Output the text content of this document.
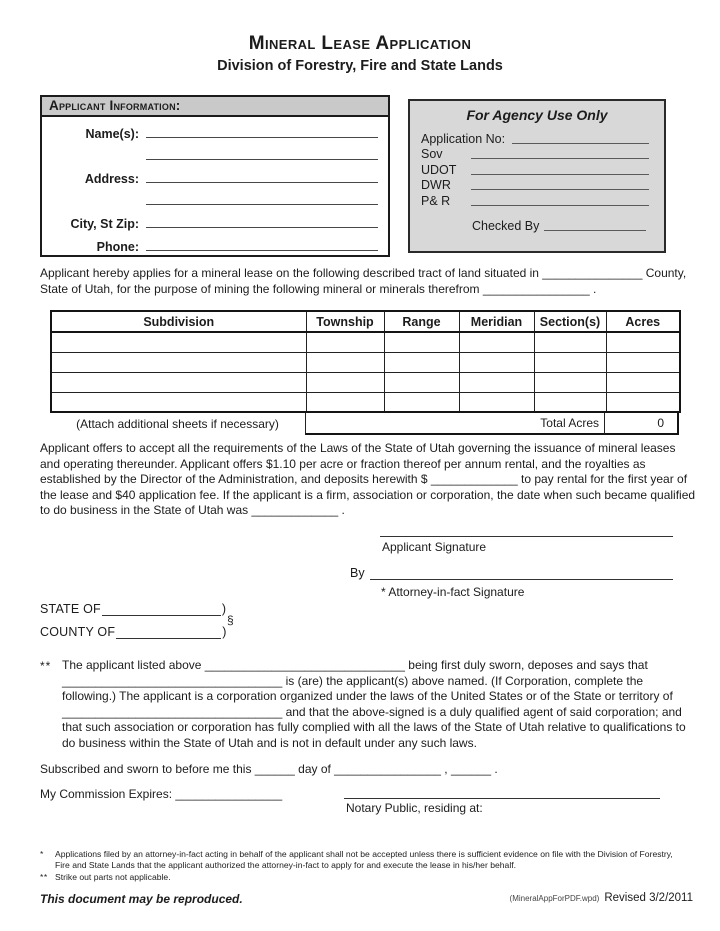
Mineral Lease Application
Division of Forestry, Fire and State Lands
Applicant Information:
Name(s):
Address:
City, St Zip:
Phone:
For Agency Use Only
Application No:
Sov
UDOT
DWR
P& R
Checked By
Applicant hereby applies for a mineral lease on the following described tract of land situated in _______________ County, State of Utah, for the purpose of mining the following mineral or minerals therefrom ________________ .
Subdivision	Township	Range	Meridian	Section(s)	Acres

(Attach additional sheets if necessary)	Total Acres	0
Applicant offers to accept all the requirements of the Laws of the State of Utah governing the issuance of mineral leases and operating thereunder. Applicant offers $1.10 per acre or fraction thereof per annum rental, and the royalties as established by the Director of the Administration, and deposits herewith $ _____________ to pay rental for the first year of the lease and $40 application fee. If the applicant is a firm, association or corporation, the date when such became qualified to do business in the State of Utah was _____________ .
Applicant Signature
By
* Attorney-in-fact Signature
STATE OF	)
§
COUNTY OF	)
** The applicant listed above ______________________________ being first duly sworn, deposes and says that _________________________________ is (are) the applicant(s) above named. (If Corporation, complete the following.) The applicant is a corporation organized under the laws of the United States or of the State or territory of _________________________________ and that the above-signed is a duly qualified agent of said corporation; and that such association or corporation has fully complied with all the laws of the State of Utah relative to qualifications to do business within the State of Utah and is not in default under any such laws.
Subscribed and sworn to before me this ______ day of ________________ , ______ .
My Commission Expires: ________________
Notary Public, residing at:
*	Applications filed by an attorney-in-fact acting in behalf of the applicant shall not be accepted unless there is sufficient evidence on file with the Division of Forestry, Fire and State Lands that the applicant authorized the attorney-in-fact to apply for and execute the lease in his/her behalf.
** Strike out parts not applicable.
This document may be reproduced.	(MineralAppForPDF.wpd) Revised 3/2/2011
